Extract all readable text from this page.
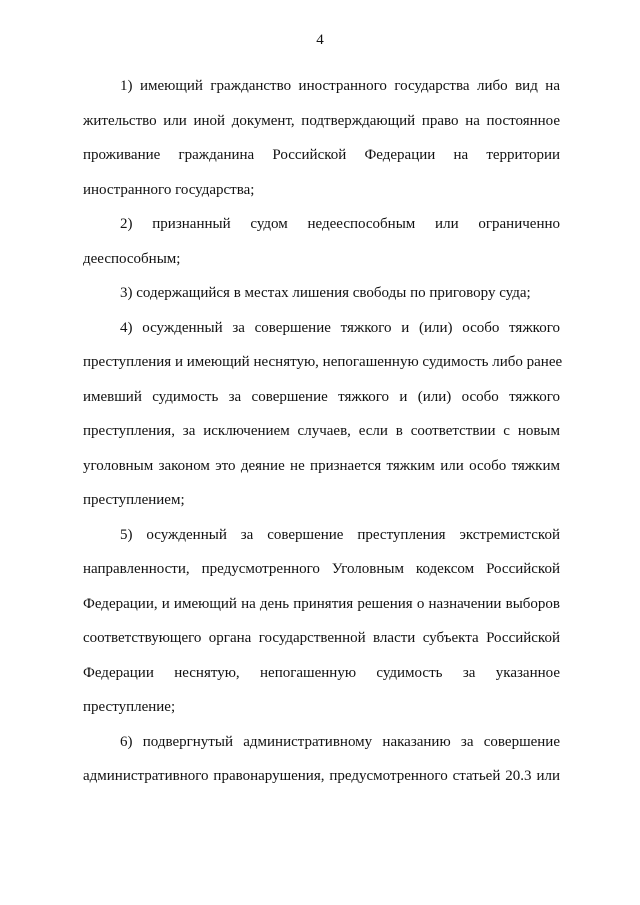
4

1) имеющий гражданство иностранного государства либо вид на
жительство или иной документ, подтверждающий право на постоянное
проживание гражданина Российской Федерации на территории
иностранного государства;

2) признанный судом недееспособным или ограниченно
дееспособным;

3) содержащийся в местах лишения свободы по приговору суда;

4) осужденный за совершение тяжкого и (или) особо тяжкого
преступления и имеющий неснятую, непогашенную судимость либо ранее
имевший судимость за совершение тяжкого и (или) особо тяжкого
преступления, за исключением случаев, если в соответствии с новым
уголовным законом это деяние не признается тяжким или особо тяжким
преступлением;

5) осужденный за совершение преступления экстремистской
направленности, предусмотренного Уголовным кодексом Российской
Федерации, и имеющий на день принятия решения о назначении выборов
соответствующего органа государственной власти субъекта Российской
Федерации неснятую, непогашенную судимость за указанное
преступление;

6) подвергнутый административному наказанию за совершение
административного правонарушения, предусмотренного статьей 20.3 или
